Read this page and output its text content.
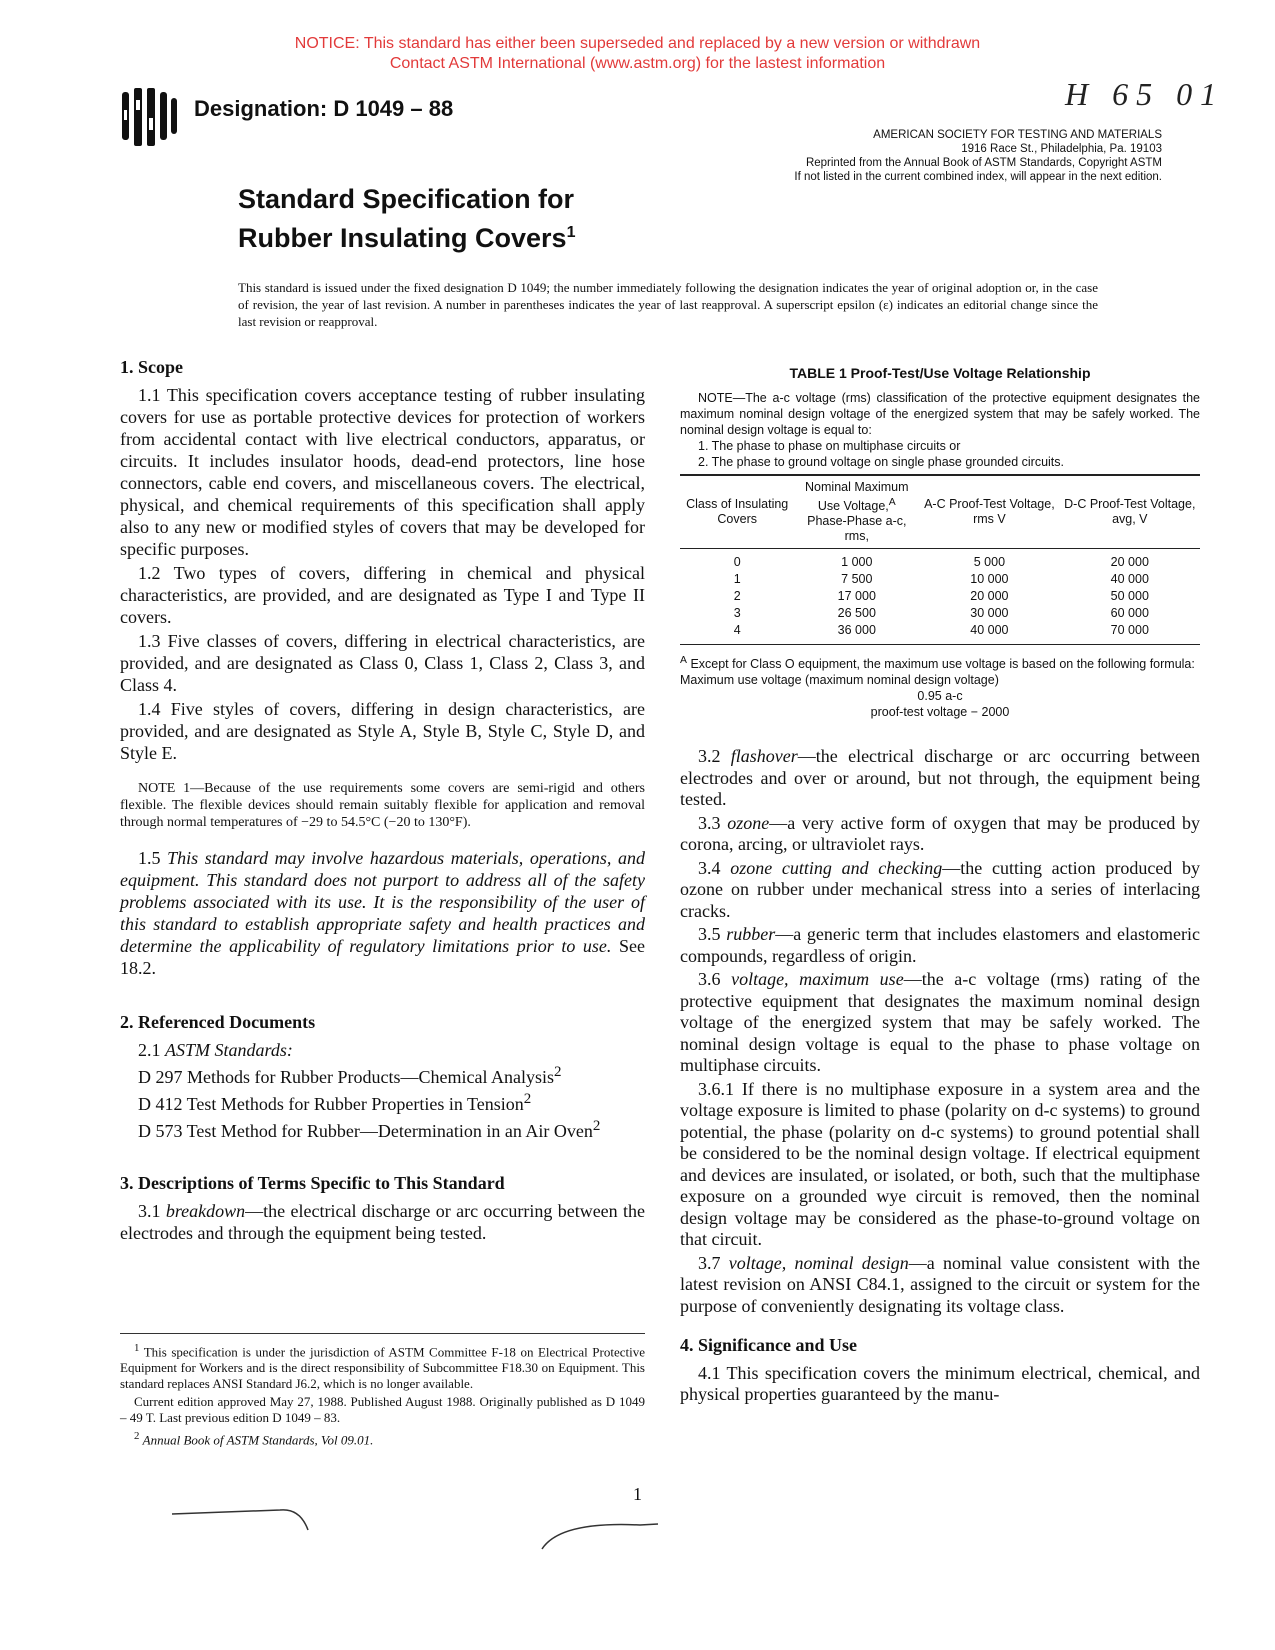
NOTICE: This standard has either been superseded and replaced by a new version or withdrawn
Contact ASTM International (www.astm.org) for the lastest information
Designation: D 1049 – 88	H 65 01
AMERICAN SOCIETY FOR TESTING AND MATERIALS
1916 Race St., Philadelphia, Pa. 19103
Reprinted from the Annual Book of ASTM Standards, Copyright ASTM
If not listed in the current combined index, will appear in the next edition.
Standard Specification for
Rubber Insulating Covers$^1$
This standard is issued under the fixed designation D 1049; the number immediately following the designation indicates the year of original adoption or, in the case of revision, the year of last revision. A number in parentheses indicates the year of last reapproval. A superscript epsilon (ε) indicates an editorial change since the last revision or reapproval.
1. Scope

1.1 This specification covers acceptance testing of rubber insulating covers for use as portable protective devices for protection of workers from accidental contact with live electrical conductors, apparatus, or circuits. It includes insulator hoods, dead-end protectors, line hose connectors, cable end covers, and miscellaneous covers. The electrical, physical, and chemical requirements of this specification shall apply also to any new or modified styles of covers that may be developed for specific purposes.

1.2 Two types of covers, differing in chemical and physical characteristics, are provided, and are designated as Type I and Type II covers.

1.3 Five classes of covers, differing in electrical characteristics, are provided, and are designated as Class 0, Class 1, Class 2, Class 3, and Class 4.

1.4 Five styles of covers, differing in design characteristics, are provided, and are designated as Style A, Style B, Style C, Style D, and Style E.

NOTE 1—Because of the use requirements some covers are semi-rigid and others flexible. The flexible devices should remain suitably flexible for application and removal through normal temperatures of −29 to 54.5°C (−20 to 130°F).

1.5 This standard may involve hazardous materials, operations, and equipment. This standard does not purport to address all of the safety problems associated with its use. It is the responsibility of the user of this standard to establish appropriate safety and health practices and determine the applicability of regulatory limitations prior to use. See 18.2.

2. Referenced Documents

2.1 ASTM Standards:

D 297 Methods for Rubber Products—Chemical Analysis$^2$
D 412 Test Methods for Rubber Properties in Tension$^2$
D 573 Test Method for Rubber—Determination in an Air Oven$^2$
3. Descriptions of Terms Specific to This Standard

3.1 breakdown—the electrical discharge or arc occurring between the electrodes and through the equipment being tested.

$^1$ This specification is under the jurisdiction of ASTM Committee F-18 on Electrical Protective Equipment for Workers and is the direct responsibility of Subcommittee F18.30 on Equipment. This standard replaces ANSI Standard J6.2, which is no longer available.

Current edition approved May 27, 1988. Published August 1988. Originally published as D 1049 – 49 T. Last previous edition D 1049 – 83.

$^2$ Annual Book of ASTM Standards, Vol 09.01.

TABLE 1 Proof-Test/Use Voltage Relationship
NOTE—The a-c voltage (rms) classification of the protective equipment designates the maximum nominal design voltage of the energized system that may be safely worked. The nominal design voltage is equal to:
1. The phase to phase on multiphase circuits or
2. The phase to ground voltage on single phase grounded circuits.
Class of Insulating Covers	Nominal Maximum Use Voltage,$^A$ Phase-Phase a-c, rms,	A-C Proof-Test Voltage, rms V	D-C Proof-Test Voltage, avg, V
0	1 000	5 000	20 000
1	7 500	10 000	40 000
2	17 000	20 000	50 000
3	26 500	30 000	60 000
4	36 000	40 000	70 000
$^A$ Except for Class O equipment, the maximum use voltage is based on the following formula:
Maximum use voltage (maximum nominal design voltage)
0.95 a-c
proof-test voltage − 2000

3.2 flashover—the electrical discharge or arc occurring between electrodes and over or around, but not through, the equipment being tested.

3.3 ozone—a very active form of oxygen that may be produced by corona, arcing, or ultraviolet rays.

3.4 ozone cutting and checking—the cutting action produced by ozone on rubber under mechanical stress into a series of interlacing cracks.

3.5 rubber—a generic term that includes elastomers and elastomeric compounds, regardless of origin.

3.6 voltage, maximum use—the a-c voltage (rms) rating of the protective equipment that designates the maximum nominal design voltage of the energized system that may be safely worked. The nominal design voltage is equal to the phase to phase voltage on multiphase circuits.

3.6.1 If there is no multiphase exposure in a system area and the voltage exposure is limited to phase (polarity on d-c systems) to ground potential, the phase (polarity on d-c systems) to ground potential shall be considered to be the nominal design voltage. If electrical equipment and devices are insulated, or isolated, or both, such that the multiphase exposure on a grounded wye circuit is removed, then the nominal design voltage may be considered as the phase-to-ground voltage on that circuit.

3.7 voltage, nominal design—a nominal value consistent with the latest revision on ANSI C84.1, assigned to the circuit or system for the purpose of conveniently designating its voltage class.

4. Significance and Use

4.1 This specification covers the minimum electrical, chemical, and physical properties guaranteed by the manu-

1
